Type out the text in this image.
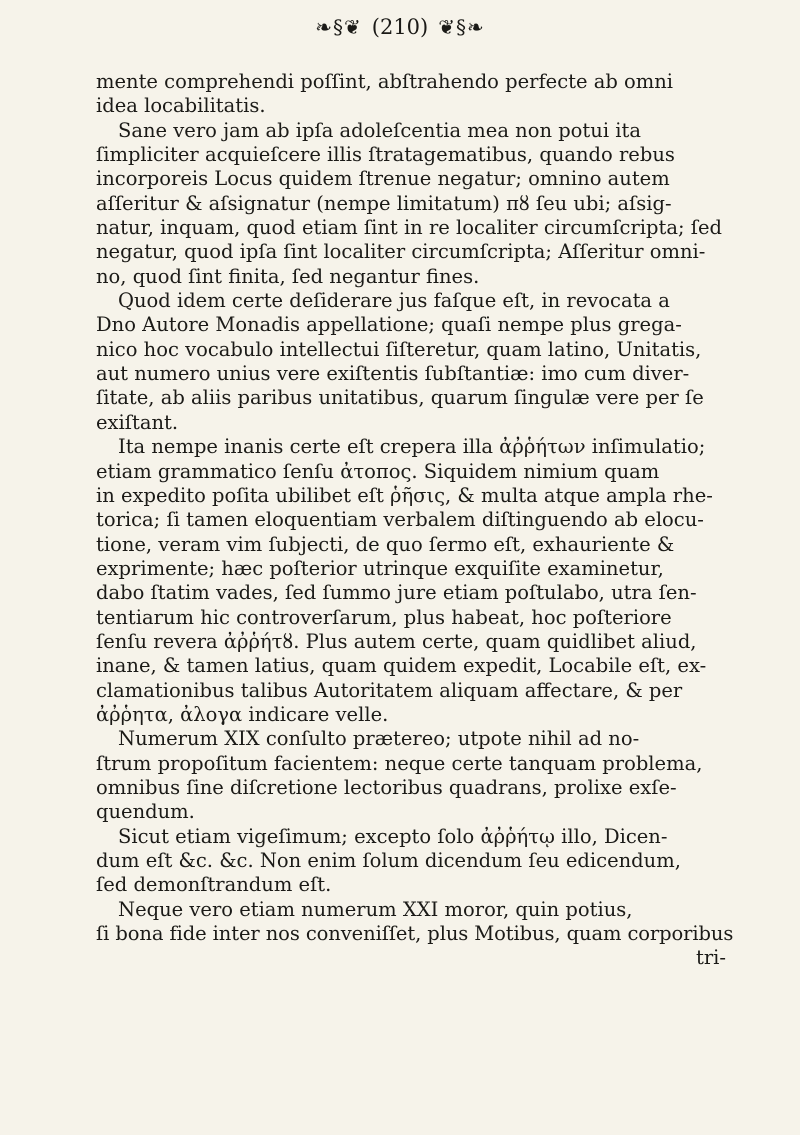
❧§❦ (210) ❦§❧
mente comprehendi poſſint, abſtrahendo perfecte ab omni
idea locabilitatis.
Sane vero jam ab ipſa adoleſcentia mea non potui ita
ſimpliciter acquieſcere illis ſtratagematibus, quando rebus
incorporeis Locus quidem ſtrenue negatur; omnino autem
aſſeritur & aſsignatur (nempe limitatum) πȣ ſeu ubi; aſsig-
natur, inquam, quod etiam ſint in re localiter circumſcripta; ſed
negatur, quod ipſa ſint localiter circumſcripta; Aſſeritur omni-
no, quod ſint finita, ſed negantur fines.
Quod idem certe deſiderare jus faſque eſt, in revocata a
Dno Autore Monadis appellatione; quaſi nempe plus grega-
nico hoc vocabulo intellectui ſiſteretur, quam latino, Unitatis,
aut numero unius vere exiſtentis ſubſtantiæ: imo cum diver-
ſitate, ab aliis paribus unitatibus, quarum ſingulæ vere per ſe
exiſtant.
Ita nempe inanis certe eſt crepera illa ἀῤῥήτων inſimulatio;
etiam grammatico ſenſu ἀτοπος. Siquidem nimium quam
in expedito poſita ubilibet eſt ῥῆσις, & multa atque ampla rhe-
torica; ſi tamen eloquentiam verbalem diſtinguendo ab elocu-
tione, veram vim ſubjecti, de quo ſermo eſt, exhauriente &
exprimente; hæc poſterior utrinque exquiſite examinetur,
dabo ſtatim vades, ſed ſummo jure etiam poſtulabo, utra ſen-
tentiarum hic controverſarum, plus habeat, hoc poſteriore
ſenſu revera ἀῤῥήτȣ. Plus autem certe, quam quidlibet aliud,
inane, & tamen latius, quam quidem expedit, Locabile eſt, ex-
clamationibus talibus Autoritatem aliquam affectare, & per
ἀῤῥητα, ἀλογα indicare velle.
Numerum XIX conſulto prætereo; utpote nihil ad no-
ſtrum propoſitum facientem: neque certe tanquam problema,
omnibus ſine diſcretione lectoribus quadrans, prolixe exſe-
quendum.
Sicut etiam vigeſimum; excepto ſolo ἀῤῥήτῳ illo, Dicen-
dum eſt &c. &c. Non enim ſolum dicendum ſeu edicendum,
ſed demonſtrandum eſt.
Neque vero etiam numerum XXI moror, quin potius,
ſi bona fide inter nos conveniſſet, plus Motibus, quam corporibus
tri-
